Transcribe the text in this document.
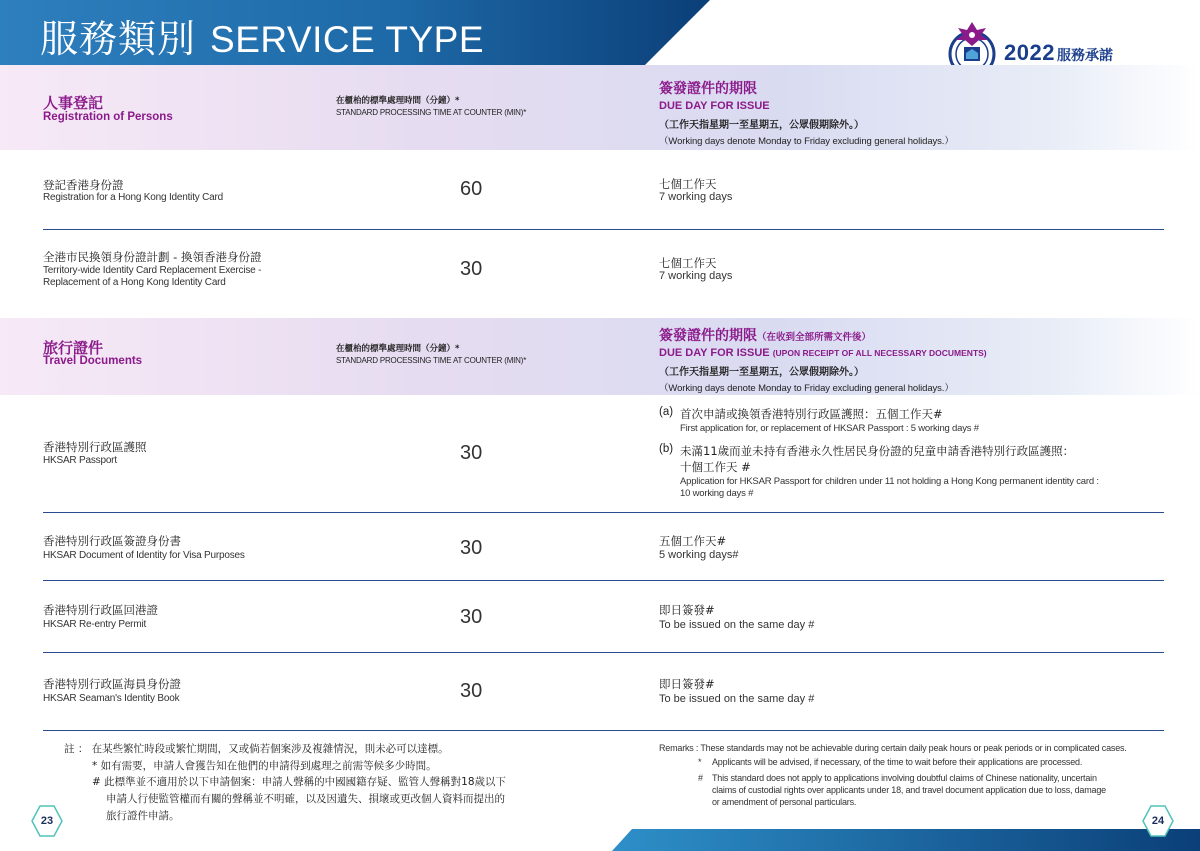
服務類別 SERVICE TYPE	2022 服務承諾
人事登記
Registration of Persons
在櫃枱的標準處理時間（分鐘）*
STANDARD PROCESSING TIME AT COUNTER (MIN)*
簽發證件的期限
DUE DAY FOR ISSUE
（工作天指星期一至星期五，公眾假期除外。）
（Working days denote Monday to Friday excluding general holidays.）
登記香港身份證
Registration for a Hong Kong Identity Card	60	七個工作天
7 working days
全港市民換領身份證計劃 - 換領香港身份證
Territory-wide Identity Card Replacement Exercise -
Replacement of a Hong Kong Identity Card
30	七個工作天
7 working days
旅行證件
Travel Documents
在櫃枱的標準處理時間（分鐘）*
STANDARD PROCESSING TIME AT COUNTER (MIN)*
簽發證件的期限（在收到全部所需文件後）
DUE DAY FOR ISSUE (UPON RECEIPT OF ALL NECESSARY DOCUMENTS)
（工作天指星期一至星期五，公眾假期除外。）
（Working days denote Monday to Friday excluding general holidays.）
香港特別行政區護照
HKSAR Passport	30
(a) 首次申請或換領香港特別行政區護照：五個工作天#
First application for, or replacement of HKSAR Passport : 5 working days #
(b) 未滿11歲而並未持有香港永久性居民身份證的兒童申請香港特別行政區護照：
十個工作天 #
Application for HKSAR Passport for children under 11 not holding a Hong Kong permanent identity card :
10 working days #
香港特別行政區簽證身份書
HKSAR Document of Identity for Visa Purposes	30	五個工作天#
5 working days#
香港特別行政區回港證
HKSAR Re-entry Permit	30	即日簽發#
To be issued on the same day #
香港特別行政區海員身份證
HKSAR Seaman's Identity Book	30	即日簽發#
To be issued on the same day #
註 ： 在某些繁忙時段或繁忙期間，又或倘若個案涉及複雜情況，則未必可以達標。
* 如有需要，申請人會獲告知在他們的申請得到處理之前需等候多少時間。
# 此標準並不適用於以下申請個案：申請人聲稱的中國國籍存疑、監管人聲稱對18歲以下
申請人行使監管權而有關的聲稱並不明確，以及因遺失、損壞或更改個人資料而提出的
旅行證件申請。
Remarks : These standards may not be achievable during certain daily peak hours or peak periods or in complicated cases.
* Applicants will be advised, if necessary, of the time to wait before their applications are processed.
# This standard does not apply to applications involving doubtful claims of Chinese nationality, uncertain
claims of custodial rights over applicants under 18, and travel document application due to loss, damage
or amendment of personal particulars.
23	24
